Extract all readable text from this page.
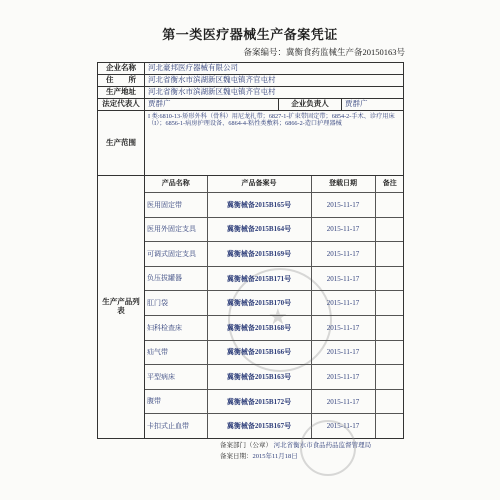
第一类医疗器械生产备案凭证
备案编号：冀衡食药监械生产备20150163号
★
企业名称	河北豪邦医疗器械有限公司
住　　所	河北省衡水市滨湖新区魏屯镇齐官屯村
生产地址	河北省衡水市滨湖新区魏屯镇齐官屯村
法定代表人	贾群广	企业负责人	贾群广
生产范围	I 类:6810-13-矫形外科（骨科）用尼龙扎带；6827-1-扩束带固定带；6854-2-手术、诊疗用床（I）；6856-1-病房护理设备、6864-4-粘性类敷料；6866-2-造口护理器械
生产产品列表	
产品名称	产品备案号	登载日期	备注
医用固定带	冀衡械备2015B165号	2015-11-17	
医用外固定支具	冀衡械备2015B164号	2015-11-17	
可调式固定支具	冀衡械备2015B169号	2015-11-17	
负压拔罐器	冀衡械备2015B171号	2015-11-17	
肛门袋	冀衡械备2015B170号	2015-11-17	
妇科检查床	冀衡械备2015B168号	2015-11-17	
疝气带	冀衡械备2015B166号	2015-11-17	
平型病床	冀衡械备2015B163号	2015-11-17	
腹带	冀衡械备2015B172号	2015-11-17	
卡扣式止血带	冀衡械备2015B167号	2015-11-17	
备案部门（公章） 河北省衡水市食品药品监督管理局
备案日期：2015年11月18日
